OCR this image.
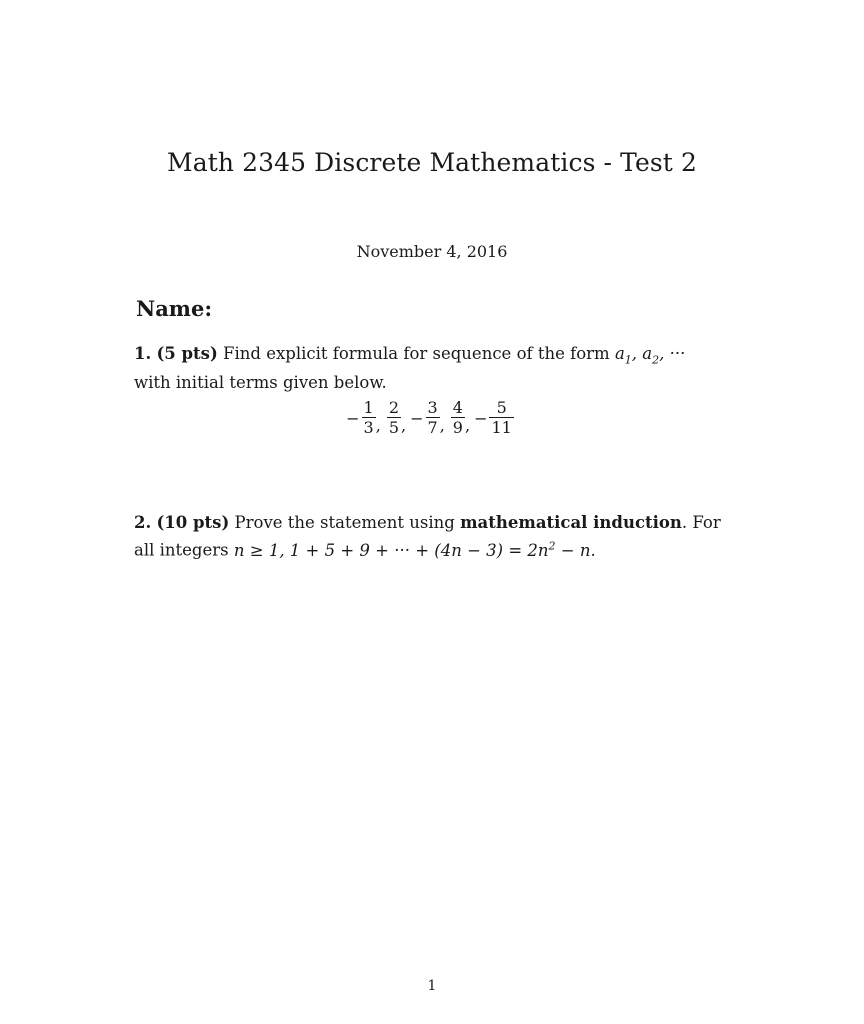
Math 2345 Discrete Mathematics - Test 2
November 4, 2016
Name:
1. (5 pts) Find explicit formula for sequence of the form $a_1$, $a_2$, ··· with initial terms given below.
− $\frac{1}{3}$ , $\frac{2}{5}$ , − $\frac{3}{7}$ , $\frac{4}{9}$ , − $\frac{5}{11}$
2. (10 pts) Prove the statement using mathematical induction. For all integers n ≥ 1, 1 + 5 + 9 + ··· + $(4n - 3) = 2n^2 - n$.
1
